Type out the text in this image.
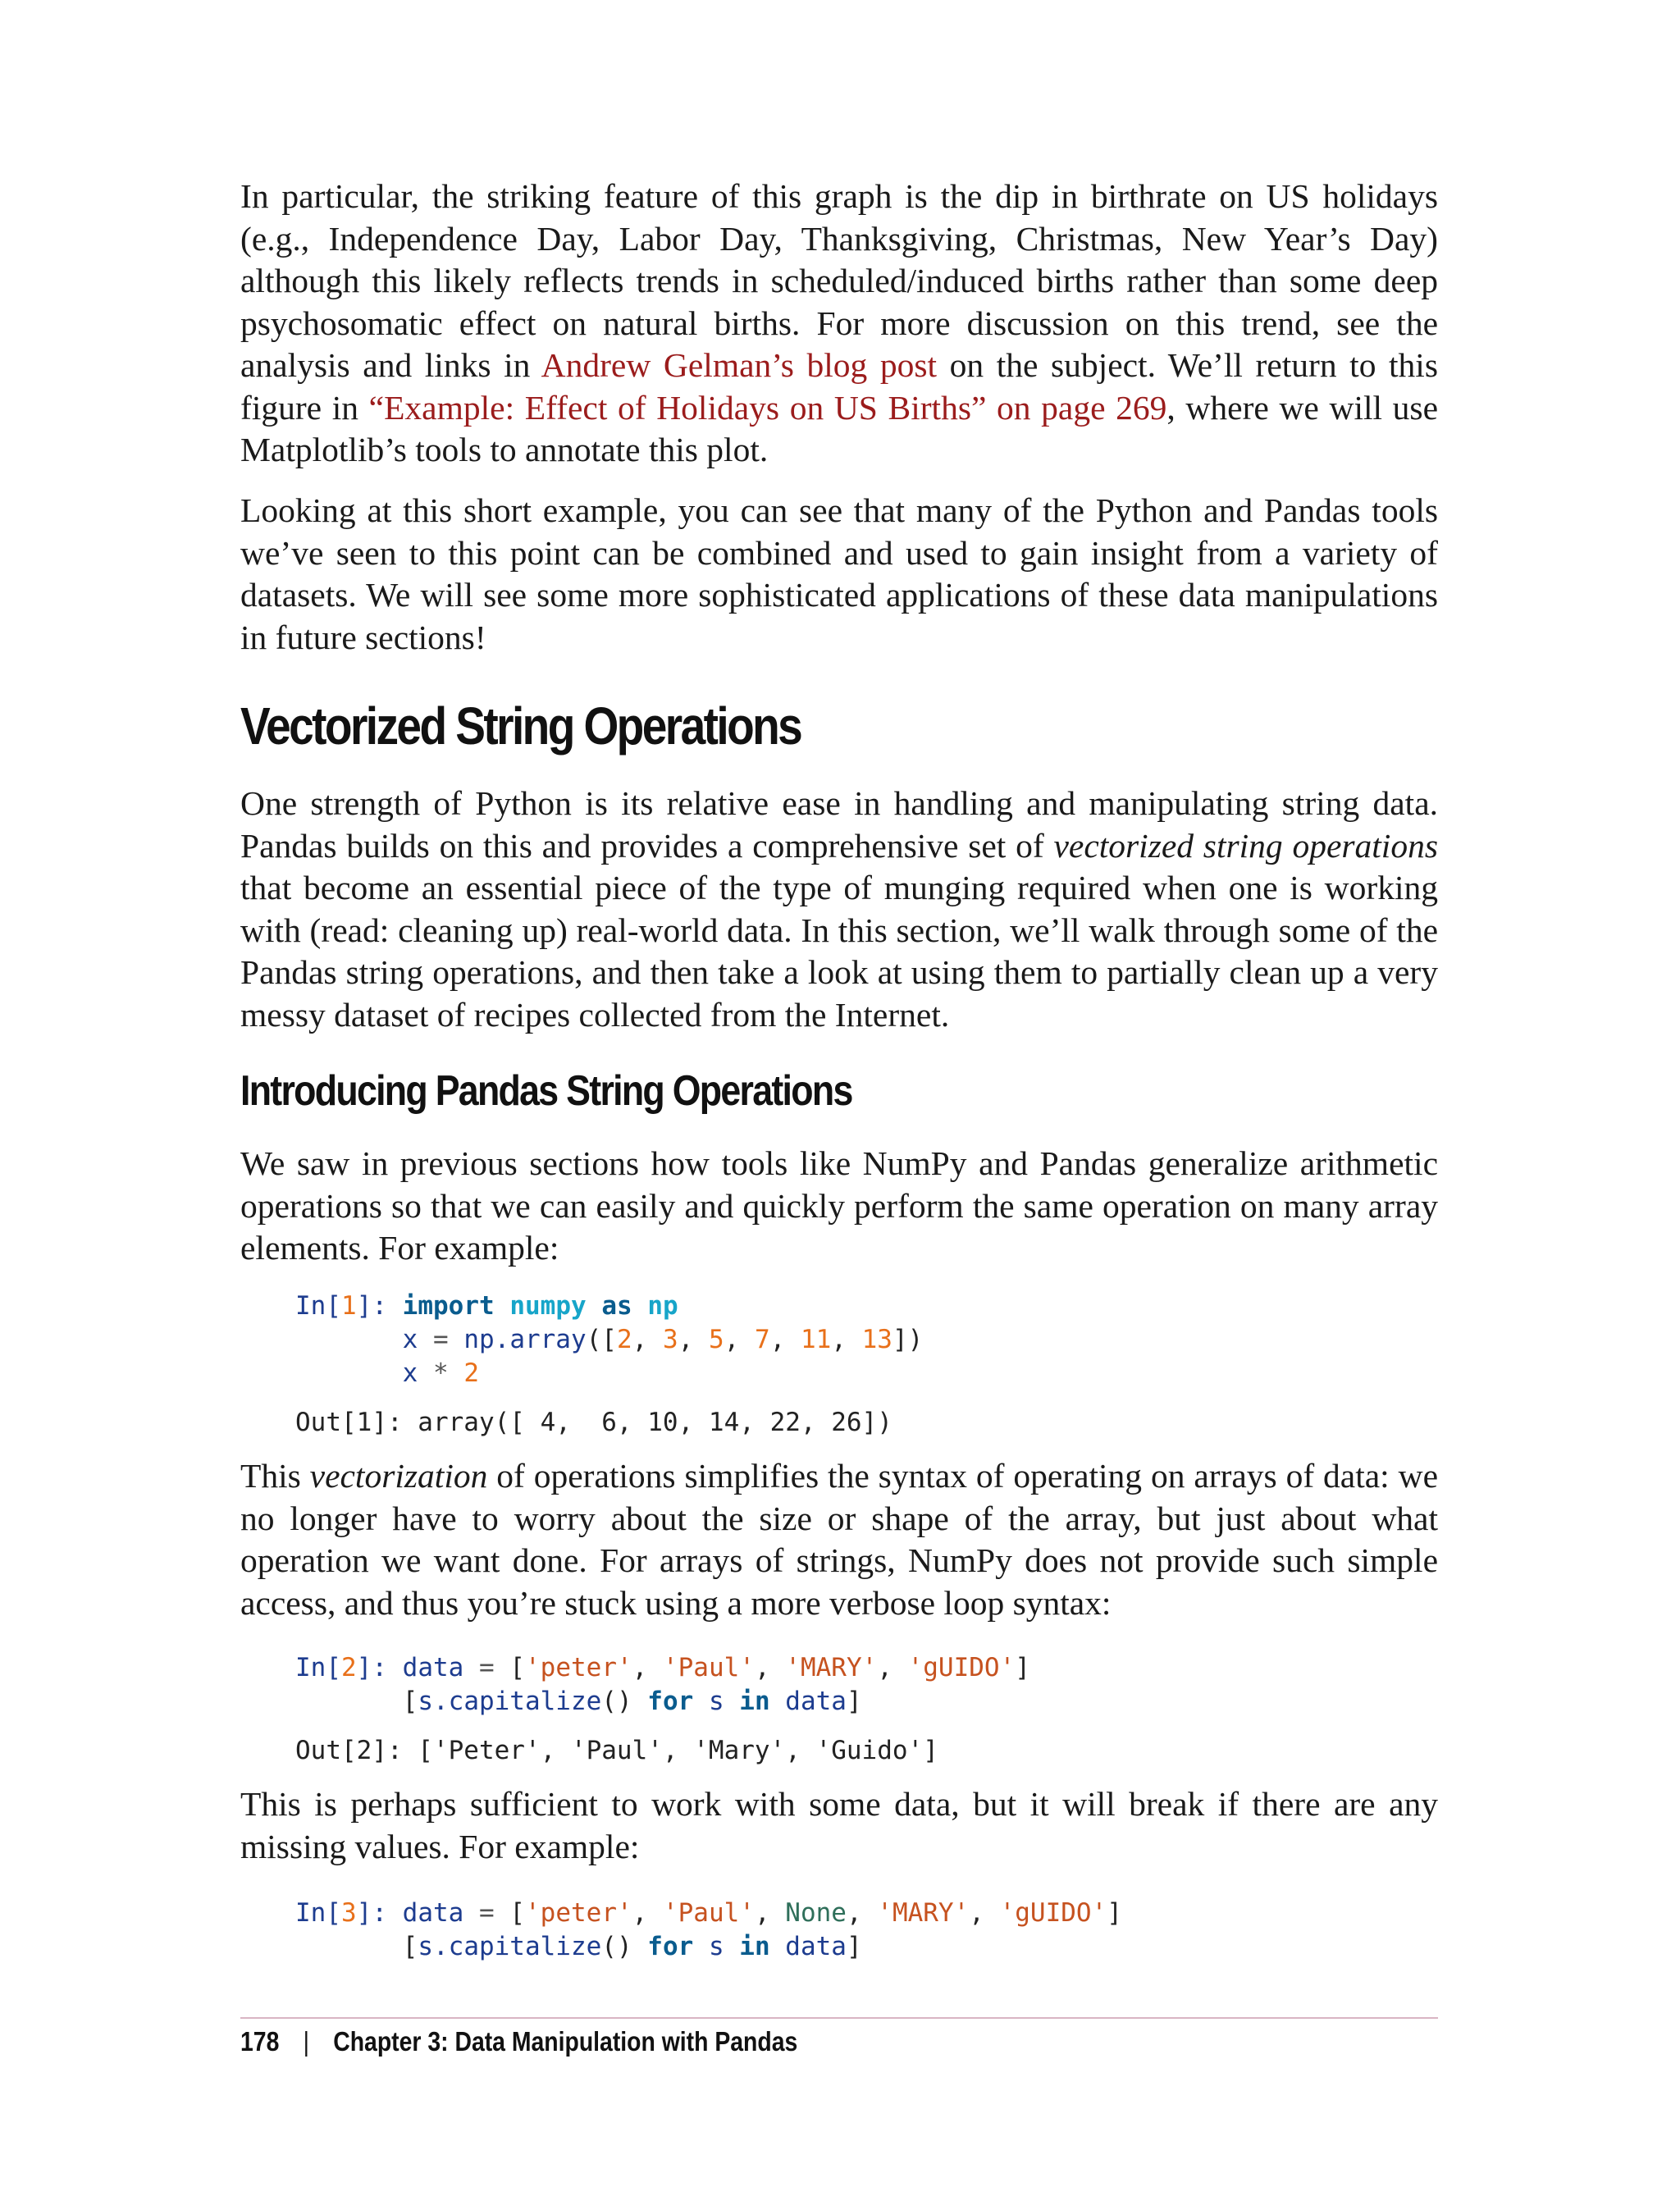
In particular, the striking feature of this graph is the dip in birthrate on US holidays (e.g., Independence Day, Labor Day, Thanksgiving, Christmas, New Year’s Day) although this likely reflects trends in scheduled/induced births rather than some deep psychosomatic effect on natural births. For more discussion on this trend, see the analysis and links in Andrew Gelman’s blog post on the subject. We’ll return to this figure in “Example: Effect of Holidays on US Births” on page 269, where we will use Matplotlib’s tools to annotate this plot.

Looking at this short example, you can see that many of the Python and Pandas tools we’ve seen to this point can be combined and used to gain insight from a variety of datasets. We will see some more sophisticated applications of these data manipulations in future sections!

Vectorized String Operations

One strength of Python is its relative ease in handling and manipulating string data. Pandas builds on this and provides a comprehensive set of vectorized string operations that become an essential piece of the type of munging required when one is working with (read: cleaning up) real-world data. In this section, we’ll walk through some of the Pandas string operations, and then take a look at using them to partially clean up a very messy dataset of recipes collected from the Internet.

Introducing Pandas String Operations

We saw in previous sections how tools like NumPy and Pandas generalize arithmetic operations so that we can easily and quickly perform the same operation on many array elements. For example:

In[1]: import numpy as np
x = np.array([2, 3, 5, 7, 11, 13])
x * 2
Out[1]: array([ 4,  6, 10, 14, 22, 26])

This vectorization of operations simplifies the syntax of operating on arrays of data: we no longer have to worry about the size or shape of the array, but just about what operation we want done. For arrays of strings, NumPy does not provide such simple access, and thus you’re stuck using a more verbose loop syntax:

In[2]: data = ['peter', 'Paul', 'MARY', 'gUIDO']
[s.capitalize() for s in data]
Out[2]: ['Peter', 'Paul', 'Mary', 'Guido']

This is perhaps sufficient to work with some data, but it will break if there are any missing values. For example:

In[3]: data = ['peter', 'Paul', None, 'MARY', 'gUIDO']
[s.capitalize() for s in data]
178 | Chapter 3: Data Manipulation with Pandas
